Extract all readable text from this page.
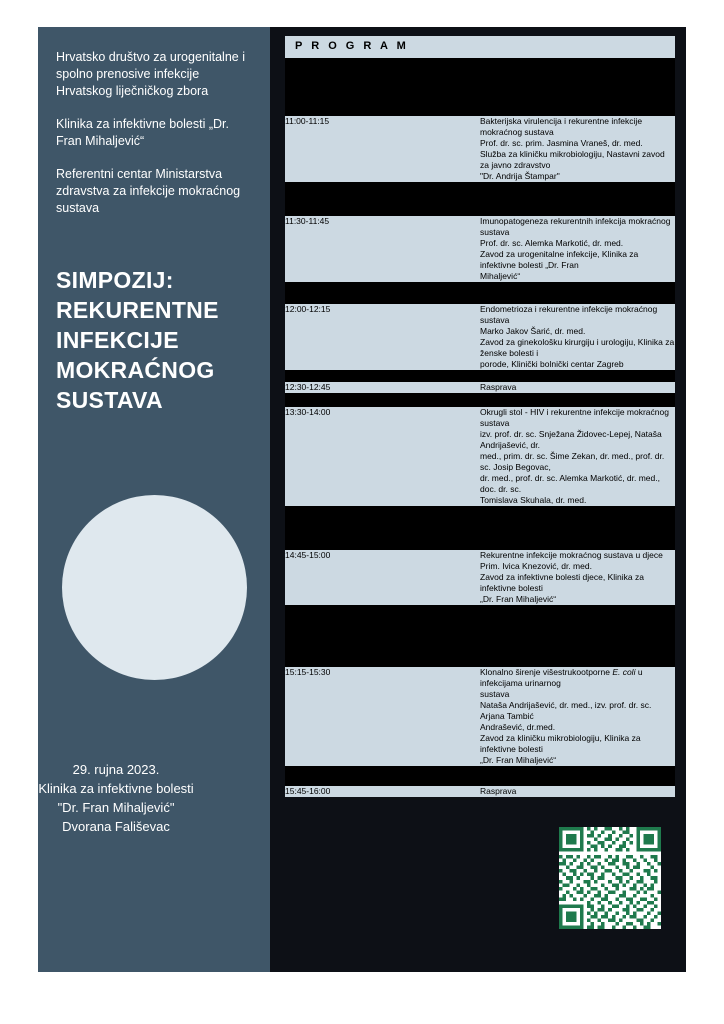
Hrvatsko društvo za urogenitalne i spolno prenosive infekcije Hrvatskog liječničkog zbora

Klinika za infektivne bolesti „Dr. Fran Mihaljević“

Referentni centar Ministarstva zdravstva za infekcije mokraćnog sustava

SIMPOZIJ: REKURENTNE INFEKCIJE MOKRAĆNOG SUSTAVA
29. rujna 2023.
Klinika za infektivne bolesti
"Dr. Fran Mihaljević"
Dvorana Fališevac
P R O G R A M

11:00-11:15	Bakterijska virulencija i rekurentne infekcije mokraćnog sustava
Prof. dr. sc. prim. Jasmina Vraneš, dr. med.
Služba za kliničku mikrobiologiju, Nastavni zavod za javno zdravstvo
"Dr. Andrija Štampar"

11:30-11:45	Imunopatogeneza rekurentnih infekcija mokraćnog sustava
Prof. dr. sc. Alemka Markotić, dr. med.
Zavod za urogenitalne infekcije, Klinika za infektivne bolesti „Dr. Fran
Mihaljević“

12:00-12:15	Endometrioza i rekurentne infekcije mokraćnog sustava
Marko Jakov Šarić, dr. med.
Zavod za ginekološku kirurgiju i urologiju, Klinika za ženske bolesti i
porode, Klinički bolnički centar Zagreb

12:30-12:45	Rasprava

13:30-14:00	Okrugli stol - HIV i rekurentne infekcije mokraćnog sustava
izv. prof. dr. sc. Snježana Židovec-Lepej, Nataša Andrijašević, dr.
med., prim. dr. sc. Šime Zekan, dr. med., prof. dr. sc. Josip Begovac,
dr. med., prof. dr. sc. Alemka Markotić, dr. med., doc. dr. sc.
Tomislava Skuhala, dr. med.

14:45-15:00	Rekurentne infekcije mokraćnog sustava u djece
Prim. Ivica Knezović, dr. med.
Zavod za infektivne bolesti djece, Klinika za infektivne bolesti
„Dr. Fran Mihaljević“

15:15-15:30	Klonalno širenje višestrukootporne E. coli u infekcijama urinarnog
sustava
Nataša Andrijašević, dr. med., izv. prof. dr. sc. Arjana Tambić
Andrašević, dr.med.
Zavod za kliničku mikrobiologiju, Klinika za infektivne bolesti
„Dr. Fran Mihaljević“

15:45-16:00	Rasprava
